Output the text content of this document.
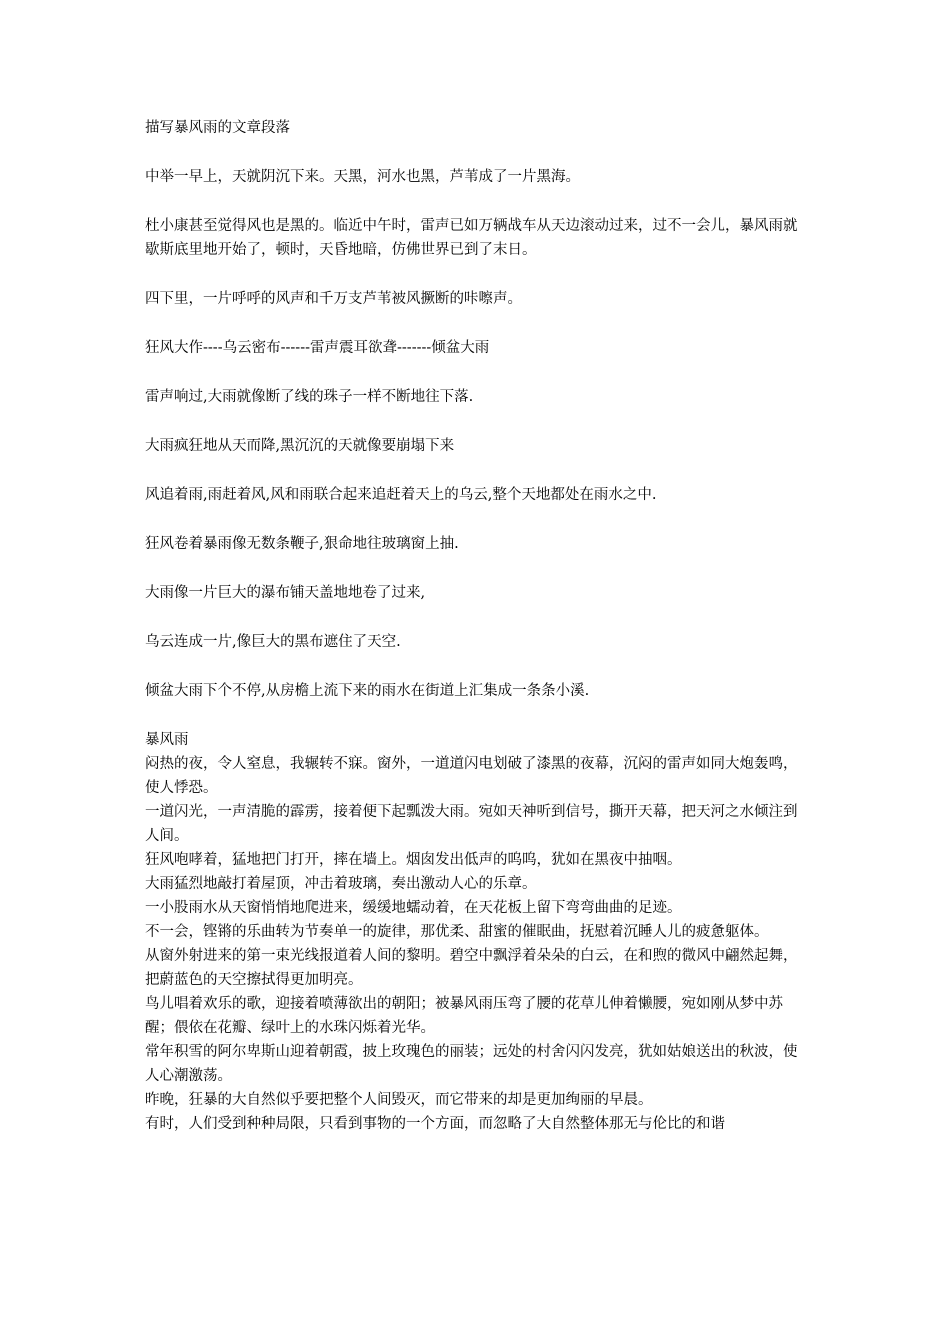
描写暴风雨的文章段落

中举一早上，天就阴沉下来。天黑，河水也黑，芦苇成了一片黑海。

杜小康甚至觉得风也是黑的。临近中午时，雷声已如万辆战车从天边滚动过来，过不一会儿，暴风雨就歇斯底里地开始了，顿时，天昏地暗，仿佛世界已到了末日。

四下里，一片呼呼的风声和千万支芦苇被风撅断的咔嚓声。

狂风大作----乌云密布------雷声震耳欲聋-------倾盆大雨

雷声响过,大雨就像断了线的珠子一样不断地往下落.

大雨疯狂地从天而降,黑沉沉的天就像要崩塌下来

风追着雨,雨赶着风,风和雨联合起来追赶着天上的乌云,整个天地都处在雨水之中.

狂风卷着暴雨像无数条鞭子,狠命地往玻璃窗上抽.

大雨像一片巨大的瀑布铺天盖地地卷了过来,

乌云连成一片,像巨大的黑布遮住了天空.

倾盆大雨下个不停,从房檐上流下来的雨水在街道上汇集成一条条小溪.

暴风雨

闷热的夜，令人窒息，我辗转不寐。窗外，一道道闪电划破了漆黑的夜幕，沉闷的雷声如同大炮轰鸣，使人悸恐。

一道闪光，一声清脆的霹雳，接着便下起瓢泼大雨。宛如天神听到信号，撕开天幕，把天河之水倾注到人间。

狂风咆哮着，猛地把门打开，摔在墙上。烟囱发出低声的呜呜，犹如在黑夜中抽咽。

大雨猛烈地敲打着屋顶，冲击着玻璃，奏出激动人心的乐章。

一小股雨水从天窗悄悄地爬进来，缓缓地蠕动着，在天花板上留下弯弯曲曲的足迹。

不一会，铿锵的乐曲转为节奏单一的旋律，那优柔、甜蜜的催眠曲，抚慰着沉睡人儿的疲惫躯体。

从窗外射进来的第一束光线报道着人间的黎明。碧空中飘浮着朵朵的白云，在和煦的微风中翩然起舞，把蔚蓝色的天空擦拭得更加明亮。

鸟儿唱着欢乐的歌，迎接着喷薄欲出的朝阳；被暴风雨压弯了腰的花草儿伸着懒腰，宛如刚从梦中苏醒；偎依在花瓣、绿叶上的水珠闪烁着光华。

常年积雪的阿尔卑斯山迎着朝霞，披上玫瑰色的丽装；远处的村舍闪闪发亮，犹如姑娘送出的秋波，使人心潮激荡。

昨晚，狂暴的大自然似乎要把整个人间毁灭，而它带来的却是更加绚丽的早晨。

有时，人们受到种种局限，只看到事物的一个方面，而忽略了大自然整体那无与伦比的和谐
